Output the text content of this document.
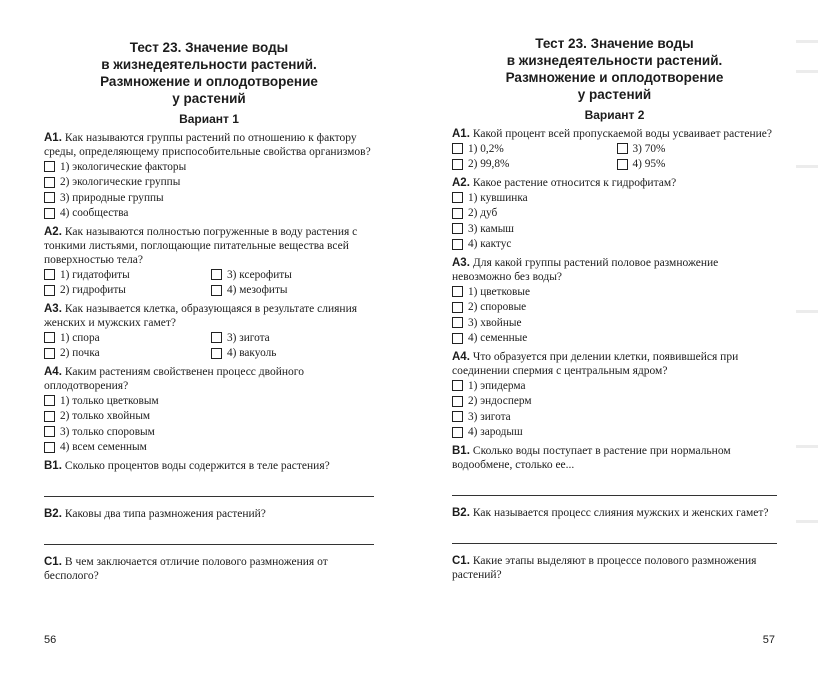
Тест 23. Значение воды
в жизнедеятельности растений.
Размножение и оплодотворение
у растений
Вариант 1
А1. Как называются группы растений по отношению к фактору среды, определяющему приспособительные свойства организмов?
1) экологические факторы
2) экологические группы
3) природные группы
4) сообщества
А2. Как называются полностью погруженные в воду растения с тонкими листьями, поглощающие питательные вещества всей поверхностью тела?
1) гидатофиты	3) ксерофиты
2) гидрофиты	4) мезофиты
А3. Как называется клетка, образующаяся в результате слияния женских и мужских гамет?
1) спора	3) зигота
2) почка	4) вакуоль
А4. Каким растениям свойственен процесс двойного оплодотворения?
1) только цветковым
2) только хвойным
3) только споровым
4) всем семенным
В1. Сколько процентов воды содержится в теле растения?
В2. Каковы два типа размножения растений?
С1. В чем заключается отличие полового размножения от бесполого?
56
Тест 23. Значение воды
в жизнедеятельности растений.
Размножение и оплодотворение
у растений
Вариант 2
А1. Какой процент всей пропускаемой воды усваивает растение?
1) 0,2%	3) 70%
2) 99,8%	4) 95%
А2. Какое растение относится к гидрофитам?
1) кувшинка
2) дуб
3) камыш
4) кактус
А3. Для какой группы растений половое размножение невозможно без воды?
1) цветковые
2) споровые
3) хвойные
4) семенные
А4. Что образуется при делении клетки, появившейся при соединении спермия с центральным ядром?
1) эпидерма
2) эндосперм
3) зигота
4) зародыш
В1. Сколько воды поступает в растение при нормальном водообмене, столько ее...
В2. Как называется процесс слияния мужских и женских гамет?
С1. Какие этапы выделяют в процессе полового размножения растений?
57
